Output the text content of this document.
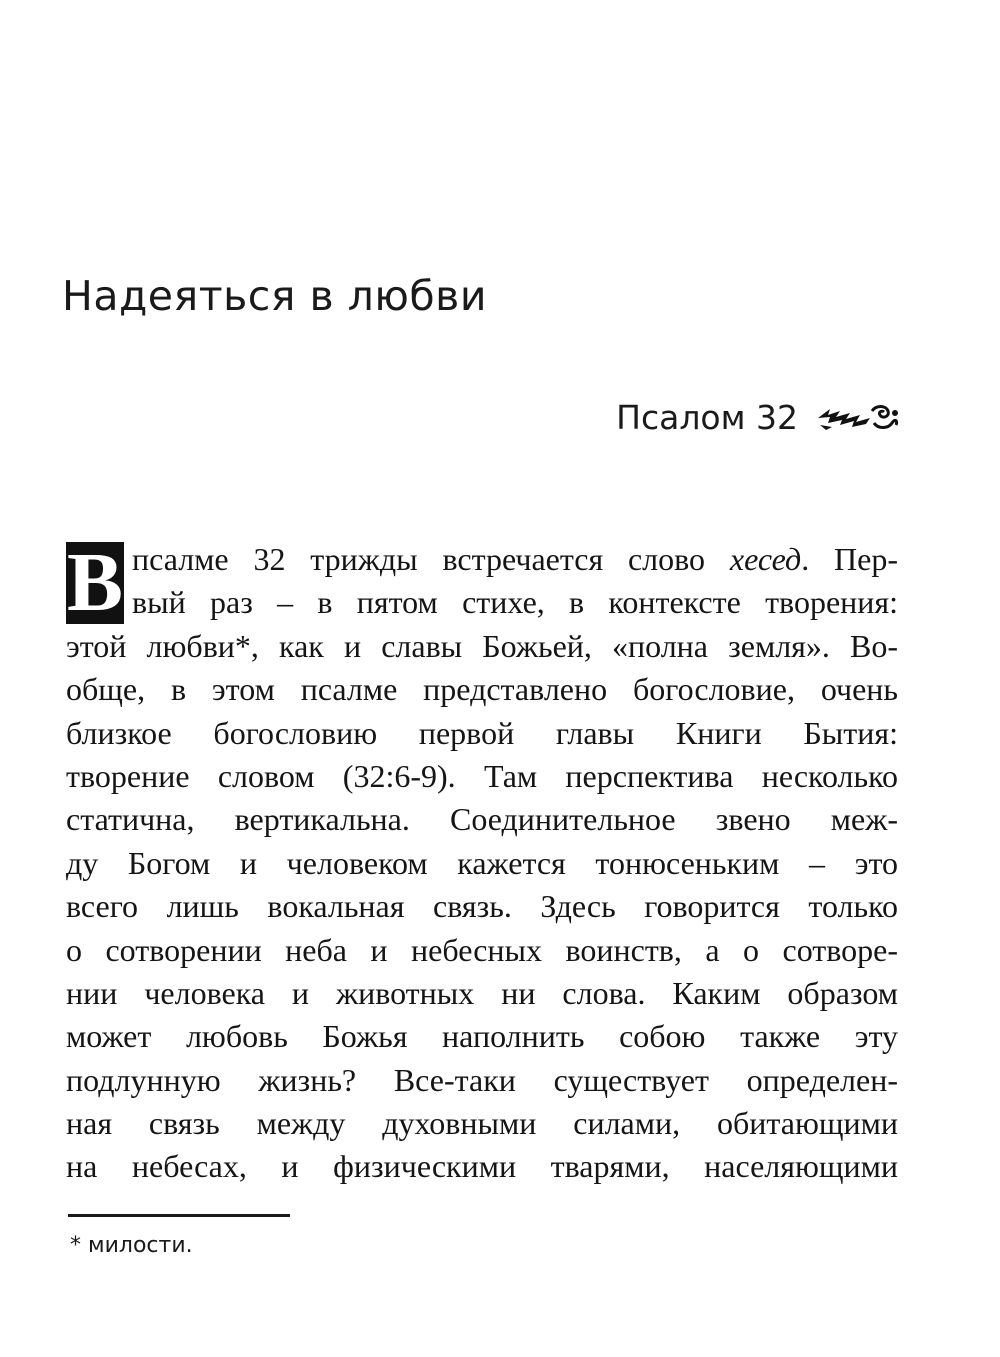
Надеяться в любви
Псалом 32
В псалме 32 трижды встречается слово хесед. Пер-
вый раз – в пятом стихе, в контексте творения:
этой любви*, как и славы Божьей, «полна земля». Во-
обще, в этом псалме представлено богословие, очень
близкое богословию первой главы Книги Бытия:
творение словом (32:6-9). Там перспектива несколько
статична, вертикальна. Соединительное звено меж-
ду Богом и человеком кажется тонюсеньким – это
всего лишь вокальная связь. Здесь говорится только
о сотворении неба и небесных воинств, а о сотворе-
нии человека и животных ни слова. Каким образом
может любовь Божья наполнить собою также эту
подлунную жизнь? Все-таки существует определен-
ная связь между духовными силами, обитающими
на небесах, и физическими тварями, населяющими
* милости.
